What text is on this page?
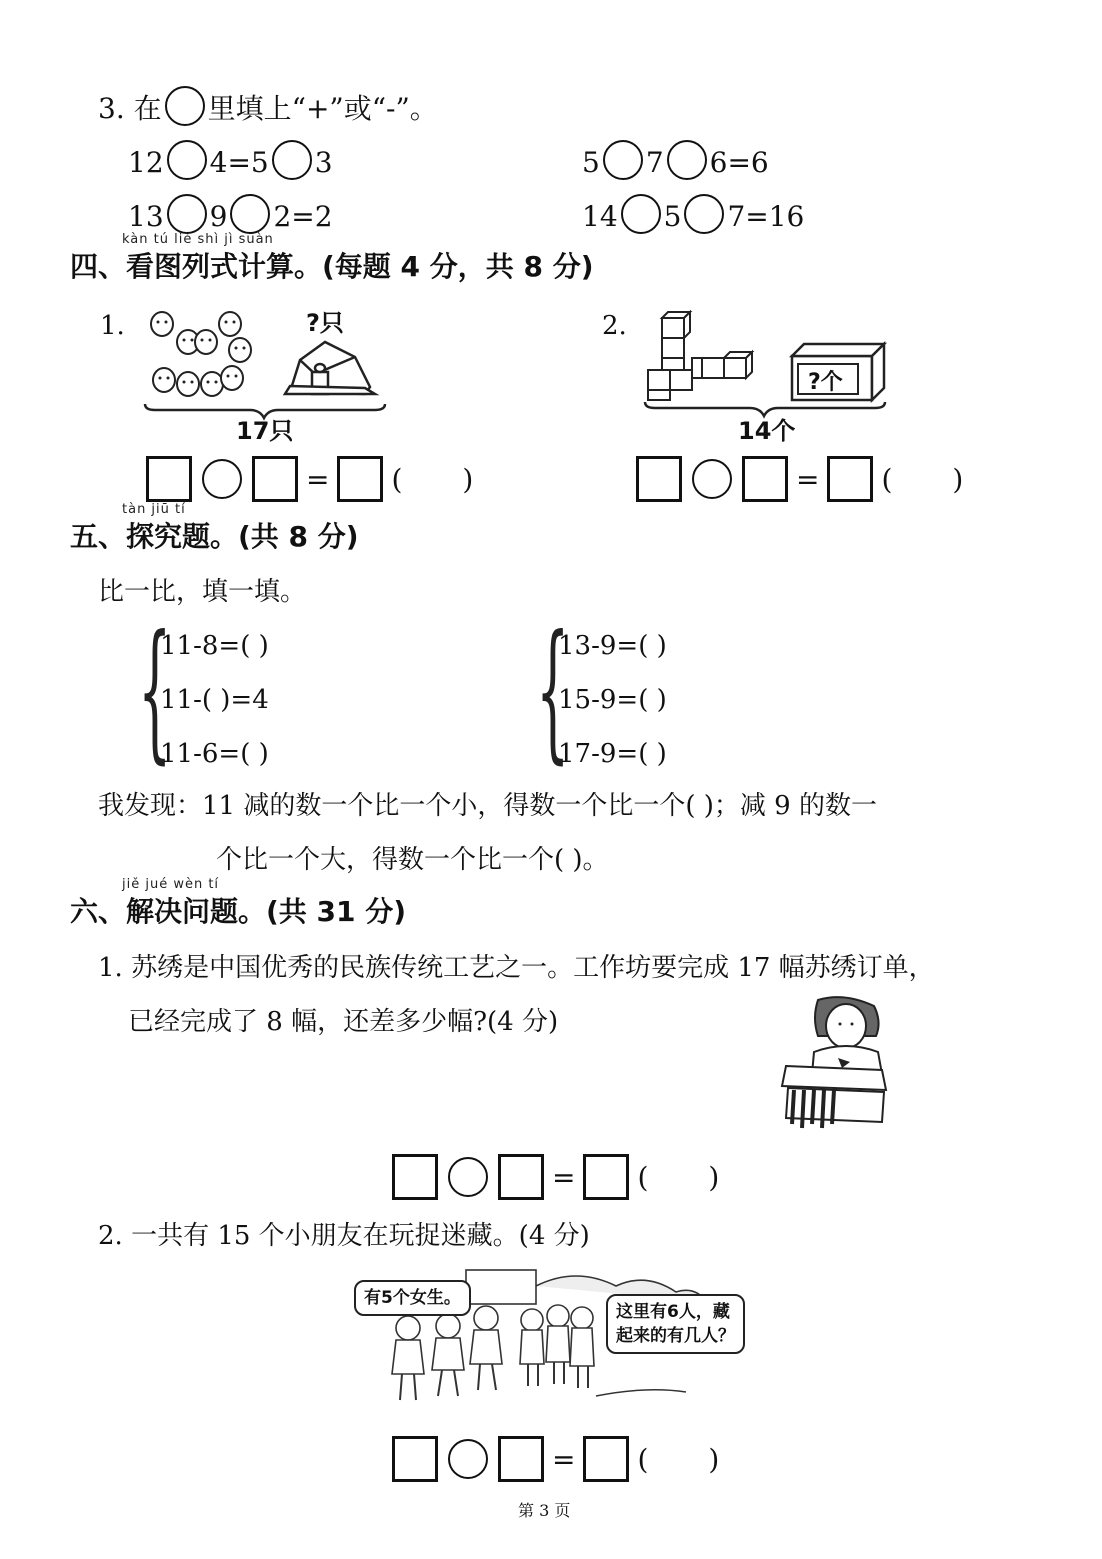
3. 在 里填上“+”或“-”。
12 4=5 3	5 7 6=6
13 9 2=2	14 5 7=16
kàn tú liè shì jì suàn
四、看图列式计算。(每题 4 分，共 8 分)
1.	?只
17只
= ( )
2.
?个
14个
= ( )
tàn jiū tí
五、探究题。(共 8 分)
比一比，填一填。
{
11-8=( )
11-( )=4
11-6=( ) {
13-9=( )
15-9=( )
17-9=( )
我发现：11 减的数一个比一个小，得数一个比一个( )；减 9 的数一
个比一个大，得数一个比一个( )。
jiě jué wèn tí
六、解决问题。(共 31 分)
1. 苏绣是中国优秀的民族传统工艺之一。工作坊要完成 17 幅苏绣订单，
已经完成了 8 幅，还差多少幅?(4 分)
= ( )
2. 一共有 15 个小朋友在玩捉迷藏。(4 分)
有5个女生。
这里有6人，藏
起来的有几人？
= ( )
第 3 页
